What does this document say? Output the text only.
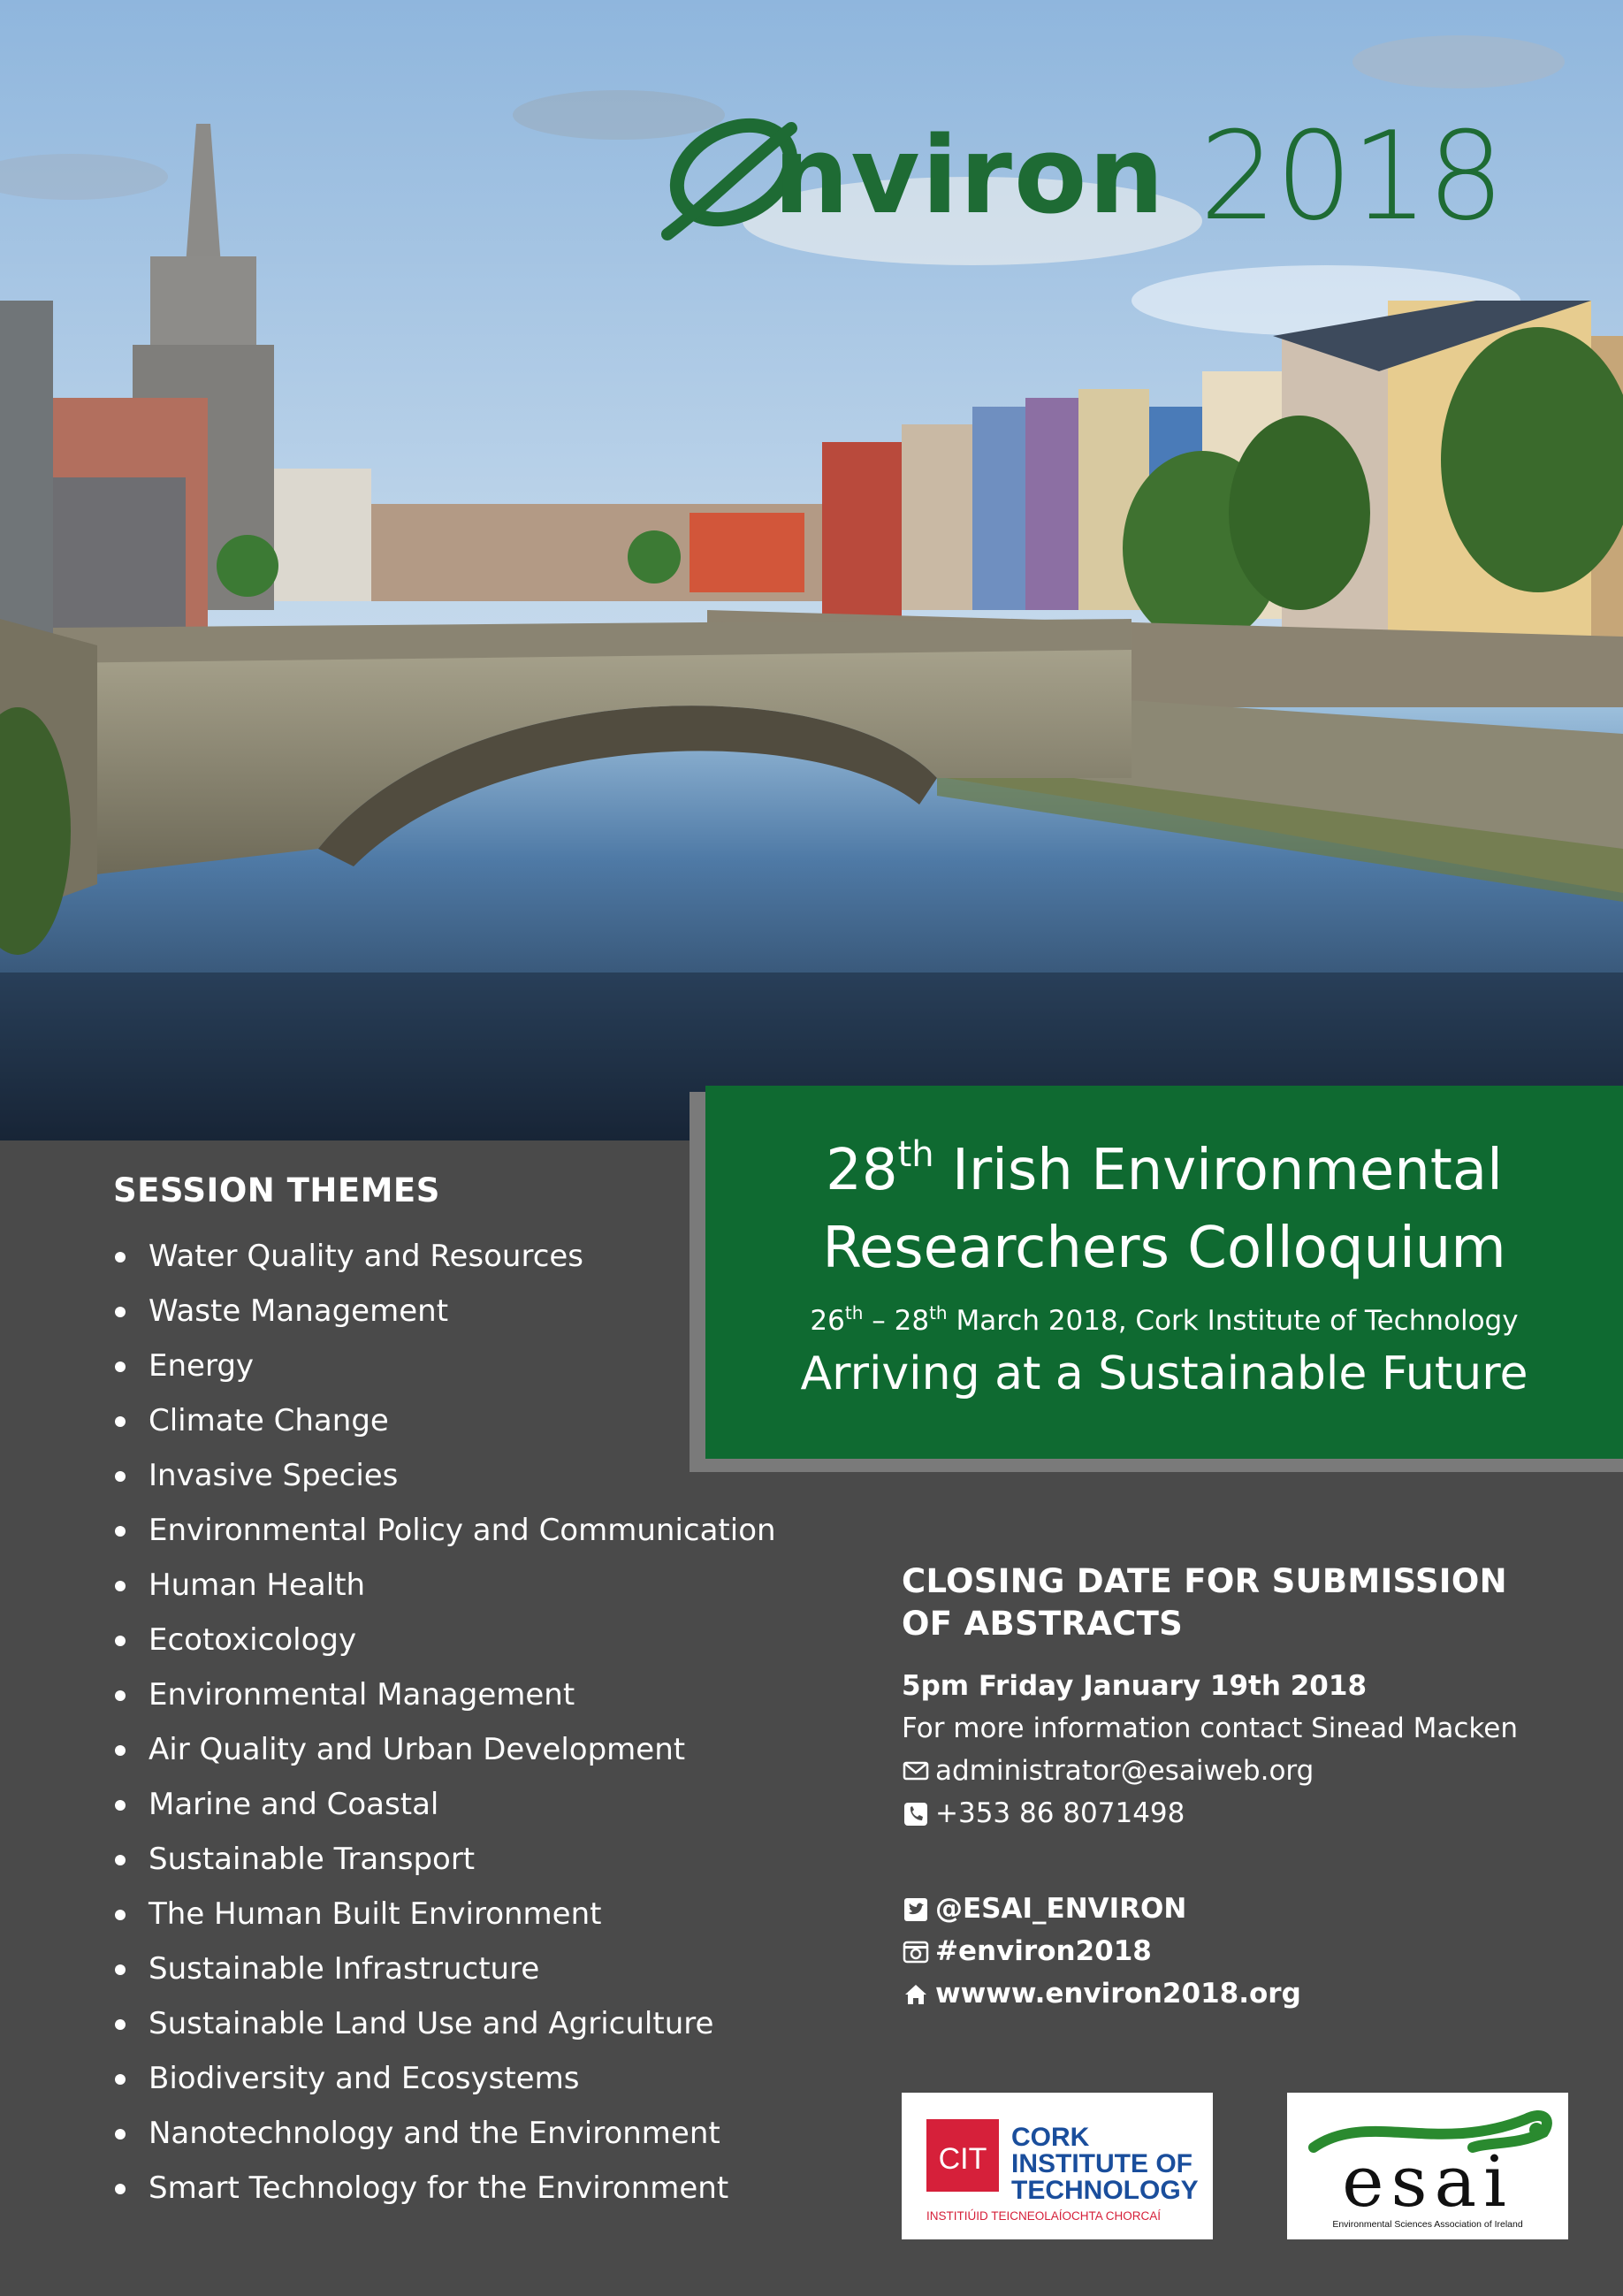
nviron 2018
28th Irish Environmental
Researchers Colloquium
26th – 28th March 2018, Cork Institute of Technology
Arriving at a Sustainable Future
SESSION THEMES
Water Quality and Resources
Waste Management
Energy
Climate Change
Invasive Species
Environmental Policy and Communication
Human Health
Ecotoxicology
Environmental Management
Air Quality and Urban Development
Marine and Coastal
Sustainable Transport
The Human Built Environment
Sustainable Infrastructure
Sustainable Land Use and Agriculture
Biodiversity and Ecosystems
Nanotechnology and the Environment
Smart Technology for the Environment
CLOSING DATE FOR SUBMISSION
OF ABSTRACTS
5pm Friday January 19th 2018
For more information contact Sinead Macken
administrator@esaiweb.org
+353 86 8071498
@ESAI_ENVIRON
#environ2018
wwww.environ2018.org
CIT
CORK
INSTITUTE OF
TECHNOLOGY
INSTITIÚID TEICNEOLAÍOCHTA CHORCAÍ	esai
Environmental Sciences Association of Ireland
